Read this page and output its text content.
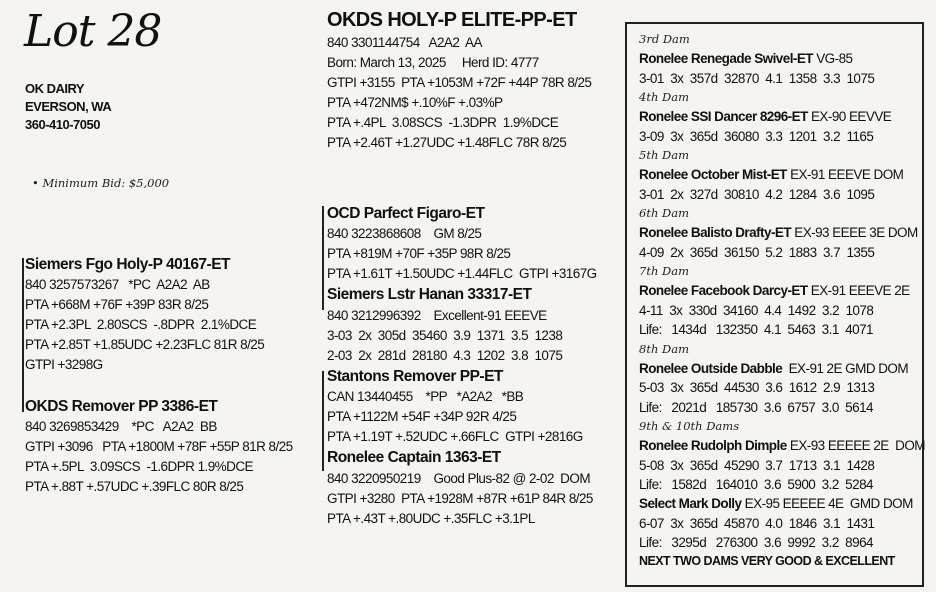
Lot 28
OK DAIRY
EVERSON, WA
360-410-7050
• Minimum Bid: $5,000
OKDS HOLY-P ELITE-PP-ET
840 3301144754   A2A2  AA
Born: March 13, 2025     Herd ID: 4777
GTPI +3155  PTA +1053M +72F +44P 78R 8/25
PTA +472NM$ +.10%F +.03%P
PTA +.4PL  3.08SCS  -1.3DPR  1.9%DCE
PTA +2.46T +1.27UDC +1.48FLC 78R 8/25
Siemers Fgo Holy-P 40167-ET
840 3257573267   *PC  A2A2  AB
PTA +668M +76F +39P 83R 8/25
PTA +2.3PL  2.80SCS  -.8DPR  2.1%DCE
PTA +2.85T +1.85UDC +2.23FLC 81R 8/25
GTPI +3298G
OKDS Remover PP 3386-ET
840 3269853429    *PC   A2A2  BB
GTPI +3096   PTA +1800M +78F +55P 81R 8/25
PTA +.5PL  3.09SCS  -1.6DPR 1.9%DCE
PTA +.88T +.57UDC +.39FLC 80R 8/25
OCD Parfect Figaro-ET
840 3223868608    GM 8/25
PTA +819M +70F +35P 98R 8/25
PTA +1.61T +1.50UDC +1.44FLC  GTPI +3167G
Siemers Lstr Hanan 33317-ET
840 3212996392    Excellent-91 EEEVE
3-03  2x  305d  35460  3.9  1371  3.5  1238
2-03  2x  281d  28180  4.3  1202  3.8  1075
Stantons Remover PP-ET
CAN 13440455    *PP   *A2A2   *BB
PTA +1122M +54F +34P 92R 4/25
PTA +1.19T +.52UDC +.66FLC  GTPI +2816G
Ronelee Captain 1363-ET
840 3220950219    Good Plus-82 @ 2-02  DOM
GTPI +3280  PTA +1928M +87R +61P 84R 8/25
PTA +.43T +.80UDC +.35FLC +3.1PL
3rd Dam
Ronelee Renegade Swivel-ET VG-85
3-01  3x  357d  32870  4.1  1358  3.3  1075
4th Dam
Ronelee SSI Dancer 8296-ET EX-90 EEVVE
3-09  3x  365d  36080  3.3  1201  3.2  1165
5th Dam
Ronelee October Mist-ET EX-91 EEEVE DOM
3-01  2x  327d  30810  4.2  1284  3.6  1095
6th Dam
Ronelee Balisto Drafty-ET EX-93 EEEE 3E DOM
4-09  2x  365d  36150  5.2  1883  3.7  1355
7th Dam
Ronelee Facebook Darcy-ET EX-91 EEEVE 2E
4-11  3x  330d  34160  4.4  1492  3.2  1078
Life:   1434d   132350  4.1  5463  3.1  4071
8th Dam
Ronelee Outside Dabble  EX-91 2E GMD DOM
5-03  3x  365d  44530  3.6  1612  2.9  1313
Life:   2021d   185730  3.6  6757  3.0  5614
9th & 10th Dams
Ronelee Rudolph Dimple EX-93 EEEEE 2E  DOM
5-08  3x  365d  45290  3.7  1713  3.1  1428
Life:   1582d   164010  3.6  5900  3.2  5284
Select Mark Dolly EX-95 EEEEE 4E  GMD DOM
6-07  3x  365d  45870  4.0  1846  3.1  1431
Life:   3295d   276300  3.6  9992  3.2  8964
NEXT TWO DAMS VERY GOOD & EXCELLENT
